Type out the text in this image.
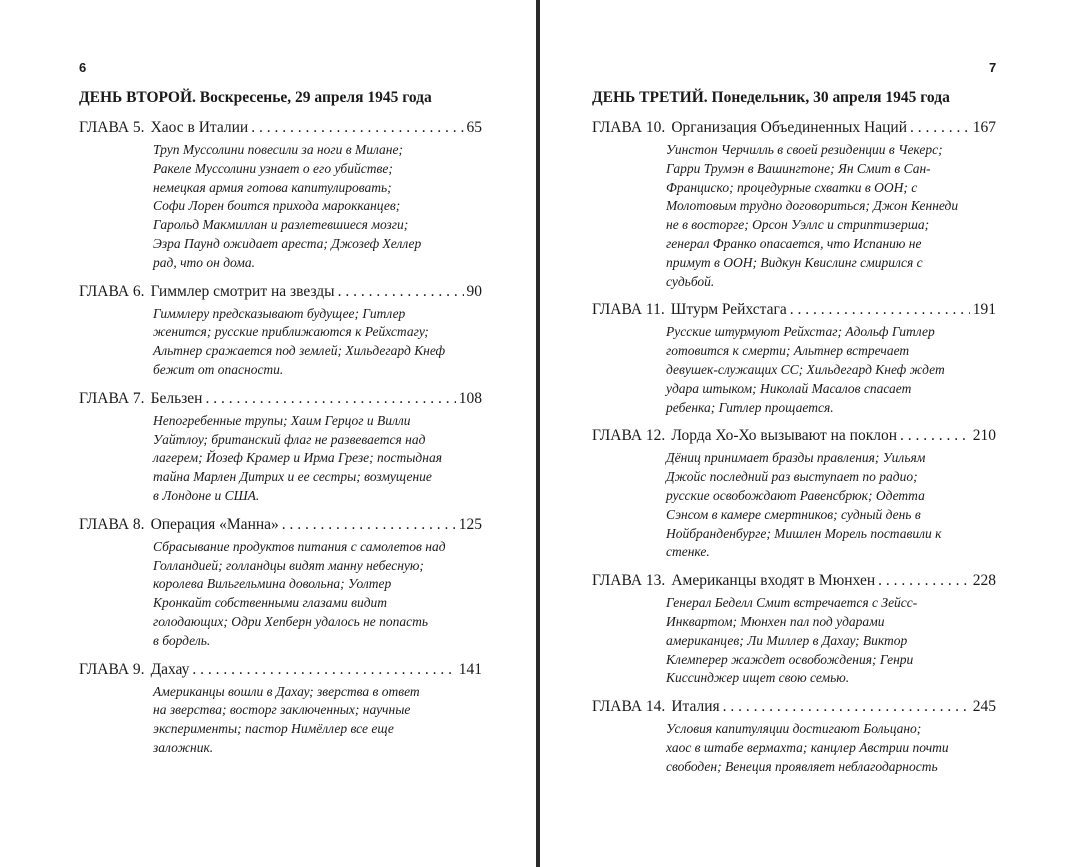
6
ДЕНЬ ВТОРОЙ. Воскресенье, 29 апреля 1945 года
ГЛАВА 5. Хаос в Италии . . .	65
Труп Муссолини повесили за ноги в Милане;
Ракеле Муссолини узнает о его убийстве;
немецкая армия готова капитулировать;
Софи Лорен боится прихода марокканцев;
Гарольд Макмиллан и разлетевшиеся мозги;
Эзра Паунд ожидает ареста; Джозеф Хеллер
рад, что он дома.
ГЛАВА 6. Гиммлер смотрит на звезды . . .	90
Гиммлеру предсказывают будущее; Гитлер
женится; русские приближаются к Рейхстагу;
Альтнер сражается под землей; Хильдегард Кнеф
бежит от опасности.
ГЛАВА 7. Бельзен . . .	108
Непогребенные трупы; Хаим Герцог и Вилли
Уайтлоу; британский флаг не развевается над
лагерем; Йозеф Крамер и Ирма Грезе; постыдная
тайна Марлен Дитрих и ее сестры; возмущение
в Лондоне и США.
ГЛАВА 8. Операция «Манна» . . .	125
Сбрасывание продуктов питания с самолетов над
Голландией; голландцы видят манну небесную;
королева Вильгельмина довольна; Уолтер
Кронкайт собственными глазами видит
голодающих; Одри Хепберн удалось не попасть
в бордель.
ГЛАВА 9. Дахау . . .	141
Американцы вошли в Дахау; зверства в ответ
на зверства; восторг заключенных; научные
эксперименты; пастор Нимёллер все еще
заложник.
7
ДЕНЬ ТРЕТИЙ. Понедельник, 30 апреля 1945 года
ГЛАВА 10. Организация Объединенных Наций . . .	167
Уинстон Черчилль в своей резиденции в Чекерс;
Гарри Трумэн в Вашингтоне; Ян Смит в Сан-
Франциско; процедурные схватки в ООН; с
Молотовым трудно договориться; Джон Кеннеди
не в восторге; Орсон Уэллс и стриптизерша;
генерал Франко опасается, что Испанию не
примут в ООН; Видкун Квислинг смирился с
судьбой.
ГЛАВА 11. Штурм Рейхстага . . .	191
Русские штурмуют Рейхстаг; Адольф Гитлер
готовится к смерти; Альтнер встречает
девушек-служащих СС; Хильдегард Кнеф ждет
удара штыком; Николай Масалов спасает
ребенка; Гитлер прощается.
ГЛАВА 12. Лорда Хо-Хо вызывают на поклон . . .	210
Дёниц принимает бразды правления; Уильям
Джойс последний раз выступает по радио;
русские освобождают Равенсбрюк; Одетта
Сэнсом в камере смертников; судный день в
Нойбранденбурге; Мишлен Морель поставили к
стенке.
ГЛАВА 13. Американцы входят в Мюнхен . . .	228
Генерал Беделл Смит встречается с Зейсс-
Инквартом; Мюнхен пал под ударами
американцев; Ли Миллер в Дахау; Виктор
Клемперер жаждет освобождения; Генри
Киссинджер ищет свою семью.
ГЛАВА 14. Италия . . .	245
Условия капитуляции достигают Больцано;
хаос в штабе вермахта; канцлер Австрии почти
свободен; Венеция проявляет неблагодарность
